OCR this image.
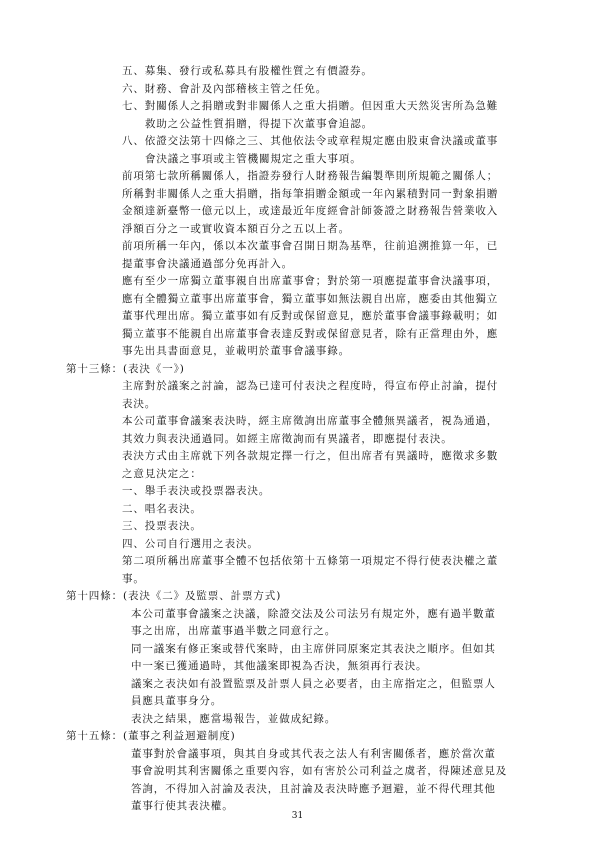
五、募集、發行或私募具有股權性質之有價證券。
六、財務、會計及內部稽核主管之任免。
七、對關係人之捐贈或對非關係人之重大捐贈。但因重大天然災害所為急難
救助之公益性質捐贈，得提下次董事會追認。
八、依證交法第十四條之三、其他依法令或章程規定應由股東會決議或董事
會決議之事項或主管機關規定之重大事項。
前項第七款所稱關係人，指證券發行人財務報告編製準則所規範之關係人；
所稱對非關係人之重大捐贈，指每筆捐贈金額或一年內累積對同一對象捐贈
金額達新臺幣一億元以上，或達最近年度經會計師簽證之財務報告營業收入
淨額百分之一或實收資本額百分之五以上者。
前項所稱一年內，係以本次董事會召開日期為基準，往前追溯推算一年，已
提董事會決議通過部分免再計入。
應有至少一席獨立董事親自出席董事會；對於第一項應提董事會決議事項，
應有全體獨立董事出席董事會，獨立董事如無法親自出席，應委由其他獨立
董事代理出席。獨立董事如有反對或保留意見，應於董事會議事錄載明；如
獨立董事不能親自出席董事會表達反對或保留意見者，除有正當理由外，應
事先出具書面意見，並載明於董事會議事錄。
第十三條：(表決《一》)
主席對於議案之討論，認為已達可付表決之程度時，得宣布停止討論，提付
表決。
本公司董事會議案表決時，經主席徵詢出席董事全體無異議者，視為通過，
其效力與表決通過同。如經主席徵詢而有異議者，即應提付表決。
表決方式由主席就下列各款規定擇一行之，但出席者有異議時，應徵求多數
之意見決定之：
一、舉手表決或投票器表決。
二、唱名表決。
三、投票表決。
四、公司自行選用之表決。
第二項所稱出席董事全體不包括依第十五條第一項規定不得行使表決權之董
事。
第十四條：(表決《二》及監票、計票方式)
本公司董事會議案之決議，除證交法及公司法另有規定外，應有過半數董
事之出席，出席董事過半數之同意行之。
同一議案有修正案或替代案時，由主席併同原案定其表決之順序。但如其
中一案已獲通過時，其他議案即視為否決，無須再行表決。
議案之表決如有設置監票及計票人員之必要者，由主席指定之，但監票人
員應具董事身分。
表決之結果，應當場報告，並做成紀錄。
第十五條：(董事之利益迴避制度)
董事對於會議事項，與其自身或其代表之法人有利害關係者，應於當次董
事會說明其利害關係之重要內容，如有害於公司利益之虞者，得陳述意見及
答詢，不得加入討論及表決，且討論及表決時應予迴避，並不得代理其他
董事行使其表決權。
31
